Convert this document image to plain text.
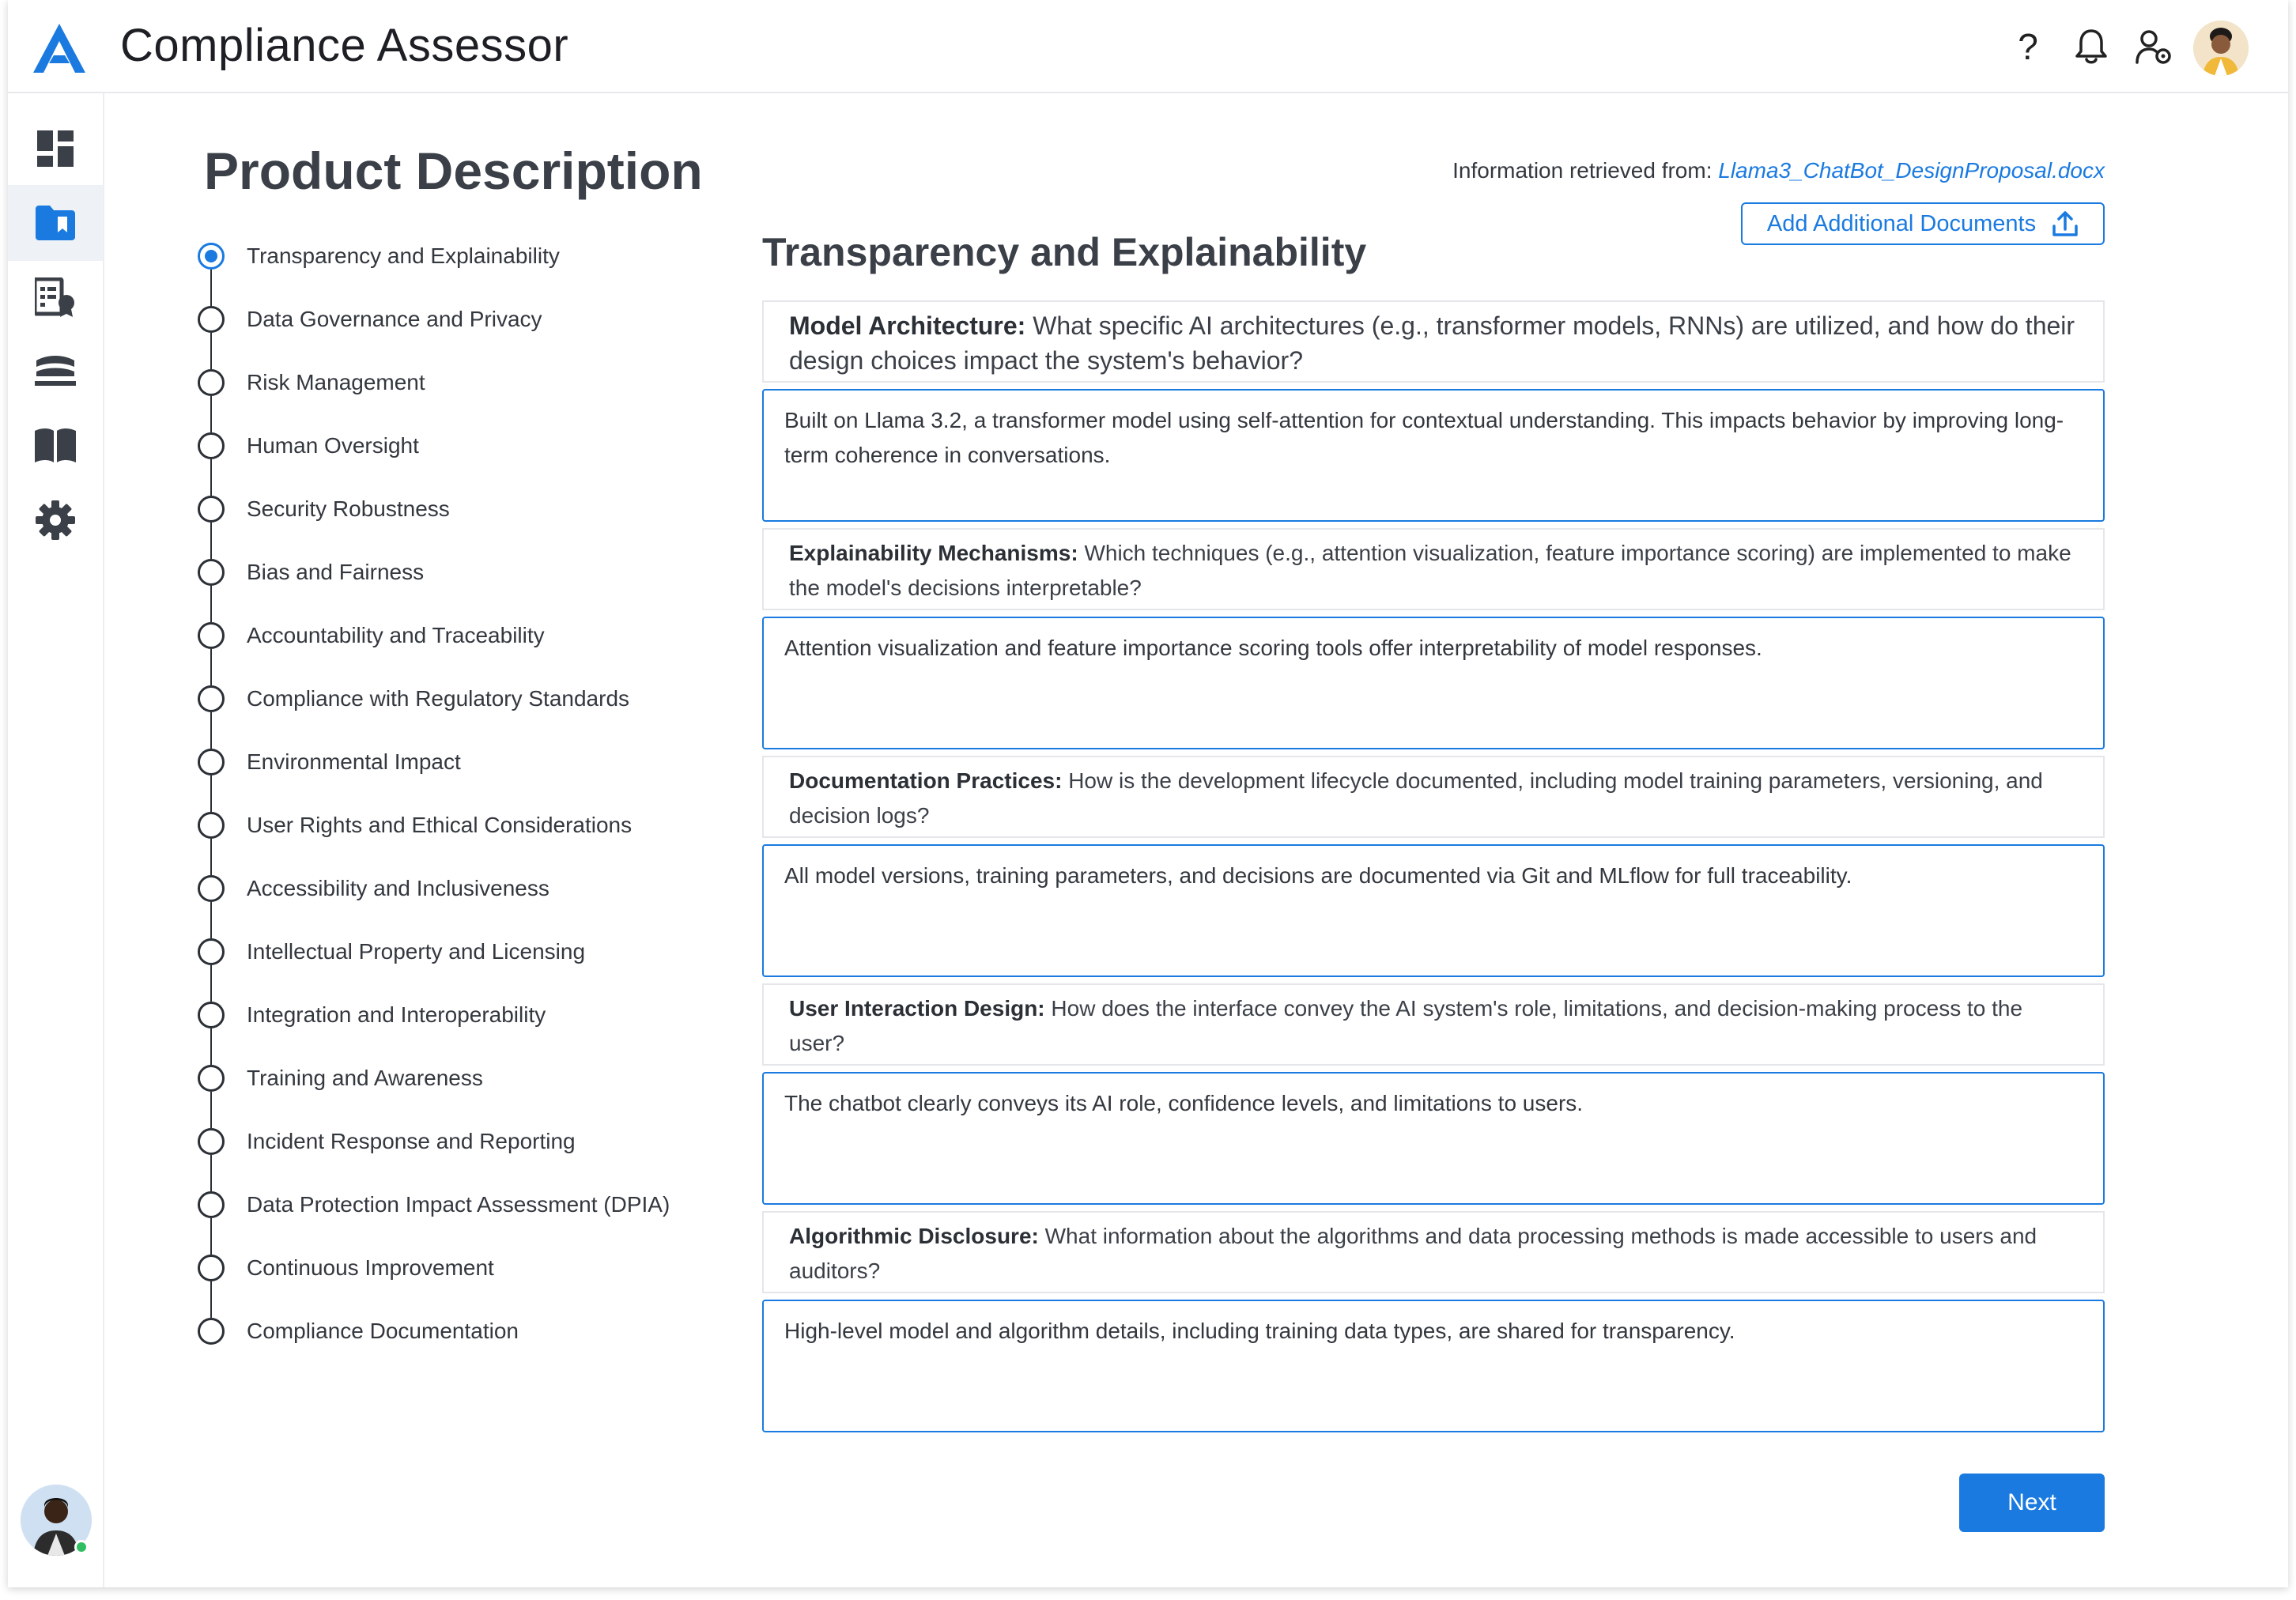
Compliance Assessor	?
Product Description
Transparency and Explainability
Data Governance and Privacy
Risk Management
Human Oversight
Security Robustness
Bias and Fairness
Accountability and Traceability
Compliance with Regulatory Standards
Environmental Impact
User Rights and Ethical Considerations
Accessibility and Inclusiveness
Intellectual Property and Licensing
Integration and Interoperability
Training and Awareness
Incident Response and Reporting
Data Protection Impact Assessment (DPIA)
Continuous Improvement
Compliance Documentation
Information retrieved from: Llama3_ChatBot_DesignProposal.docx
Add Additional Documents
Transparency and Explainability
Model Architecture: What specific AI architectures (e.g., transformer models, RNNs) are utilized, and how do their design choices impact the system's behavior?
Built on Llama 3.2, a transformer model using self-attention for contextual understanding. This impacts behavior by improving long-term coherence in conversations.
Explainability Mechanisms: Which techniques (e.g., attention visualization, feature importance scoring) are implemented to make the model's decisions interpretable?
Attention visualization and feature importance scoring tools offer interpretability of model responses.
Documentation Practices: How is the development lifecycle documented, including model training parameters, versioning, and decision logs?
All model versions, training parameters, and decisions are documented via Git and MLflow for full traceability.
User Interaction Design: How does the interface convey the AI system's role, limitations, and decision-making process to the user?
The chatbot clearly conveys its AI role, confidence levels, and limitations to users.
Algorithmic Disclosure: What information about the algorithms and data processing methods is made accessible to users and auditors?
High-level model and algorithm details, including training data types, are shared for transparency.
Next
